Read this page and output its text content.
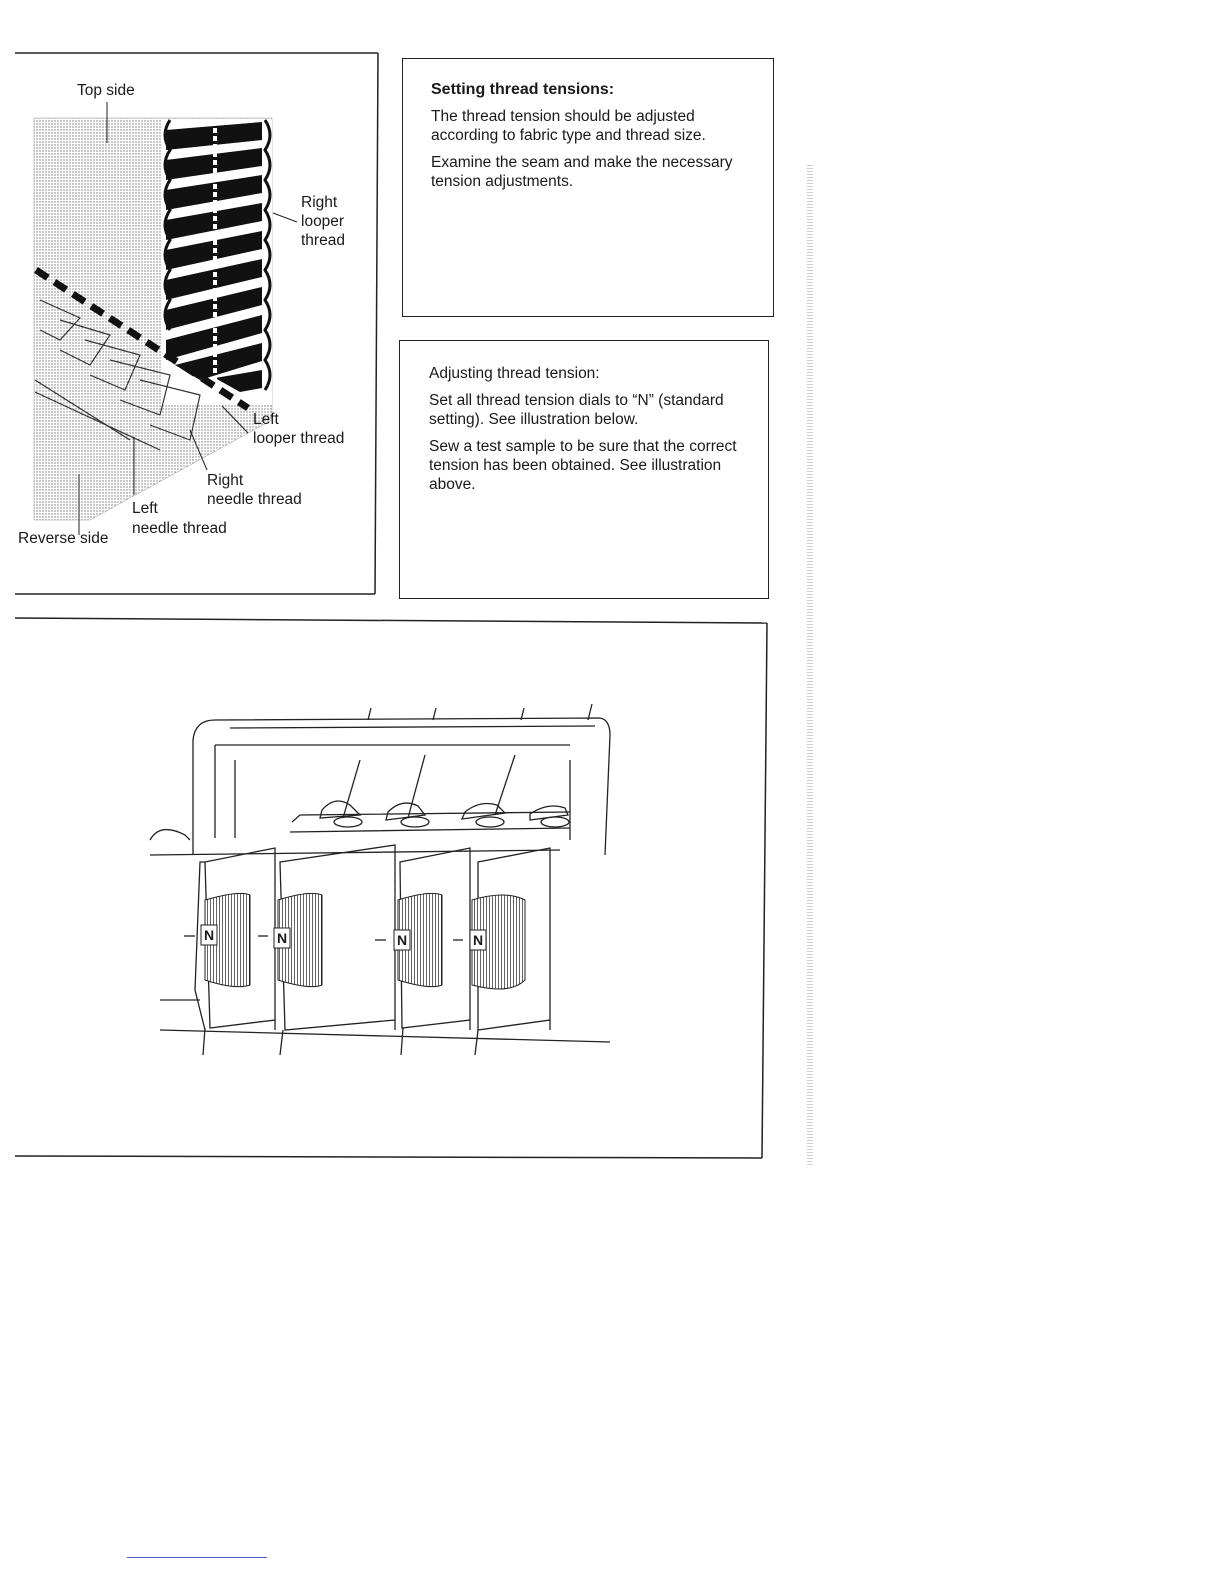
Top side
Right
looper
thread
Left
looper thread
Right
needle thread
Left
needle thread
Reverse side

Setting thread tensions:

The thread tension should be adjusted according to fabric type and thread size.

Examine the seam and make the necessary tension adjustments.

Adjusting thread tension:

Set all thread tension dials to “N” (standard setting). See illustration below.

Sew a test sample to be sure that the correct tension has been obtained. See illustration above.

N	N	N	N
